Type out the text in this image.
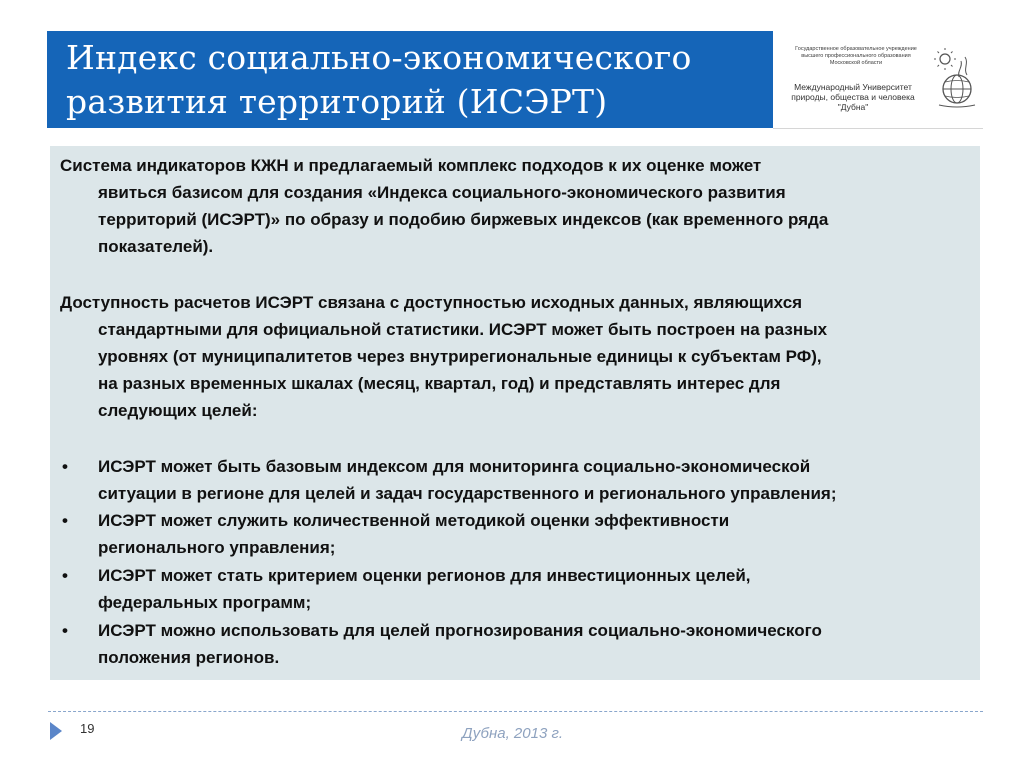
Индекс социально-экономического
развития территорий (ИСЭРТ)
Государственное образовательное учреждение
высшего профессионального образования
Московской области
Международный Университет
природы, общества и человека
"Дубна"
Система индикаторов КЖН и предлагаемый комплекс подходов к их оценке может
явиться базисом для создания «Индекса социального-экономического развития
территорий (ИСЭРТ)» по образу и подобию биржевых индексов (как временного ряда
показателей).
Доступность расчетов ИСЭРТ связана с доступностью исходных данных, являющихся
стандартными для официальной статистики. ИСЭРТ может быть построен на разных
уровнях (от муниципалитетов через внутрирегиональные единицы к субъектам РФ),
на разных временных шкалах (месяц, квартал, год) и представлять интерес для
следующих целей:
•	ИСЭРТ может быть базовым индексом для мониторинга социально-экономической
ситуации в регионе для целей и задач государственного и регионального управления;
•	ИСЭРТ может служить количественной методикой оценки эффективности
регионального управления;
•	ИСЭРТ может стать критерием оценки регионов для инвестиционных целей,
федеральных программ;
•	ИСЭРТ можно использовать для целей прогнозирования социально-экономического
положения регионов.
19	Дубна, 2013 г.
